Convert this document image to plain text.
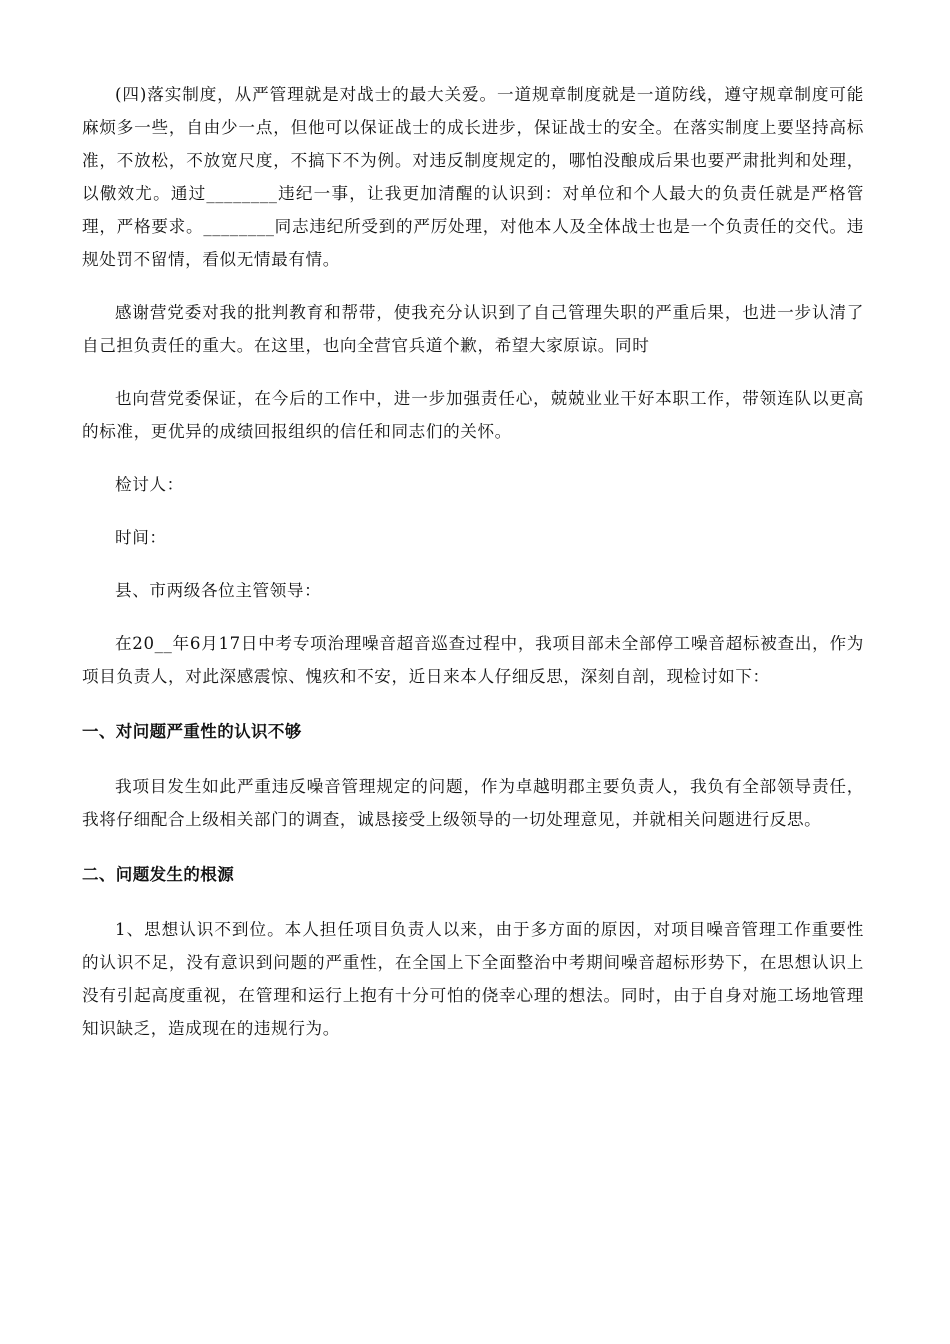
(四)落实制度，从严管理就是对战士的最大关爱。一道规章制度就是一道防线，遵守规章制度可能麻烦多一些，自由少一点，但他可以保证战士的成长进步，保证战士的安全。在落实制度上要坚持高标准，不放松，不放宽尺度，不搞下不为例。对违反制度规定的，哪怕没酿成后果也要严肃批判和处理，以儆效尤。通过________违纪一事，让我更加清醒的认识到：对单位和个人最大的负责任就是严格管理，严格要求。________同志违纪所受到的严厉处理，对他本人及全体战士也是一个负责任的交代。违规处罚不留情，看似无情最有情。

感谢营党委对我的批判教育和帮带，使我充分认识到了自己管理失职的严重后果，也进一步认清了自己担负责任的重大。在这里，也向全营官兵道个歉，希望大家原谅。同时

也向营党委保证，在今后的工作中，进一步加强责任心，兢兢业业干好本职工作，带领连队以更高的标准，更优异的成绩回报组织的信任和同志们的关怀。

检讨人：

时间：

县、市两级各位主管领导：

在20__年6月17日中考专项治理噪音超音巡查过程中，我项目部未全部停工噪音超标被查出，作为项目负责人，对此深感震惊、愧疚和不安，近日来本人仔细反思，深刻自剖，现检讨如下：

一、对问题严重性的认识不够

我项目发生如此严重违反噪音管理规定的问题，作为卓越明郡主要负责人，我负有全部领导责任，我将仔细配合上级相关部门的调查，诚恳接受上级领导的一切处理意见，并就相关问题进行反思。

二、问题发生的根源

1、思想认识不到位。本人担任项目负责人以来，由于多方面的原因，对项目噪音管理工作重要性的认识不足，没有意识到问题的严重性，在全国上下全面整治中考期间噪音超标形势下，在思想认识上没有引起高度重视，在管理和运行上抱有十分可怕的侥幸心理的想法。同时，由于自身对施工场地管理知识缺乏，造成现在的违规行为。
